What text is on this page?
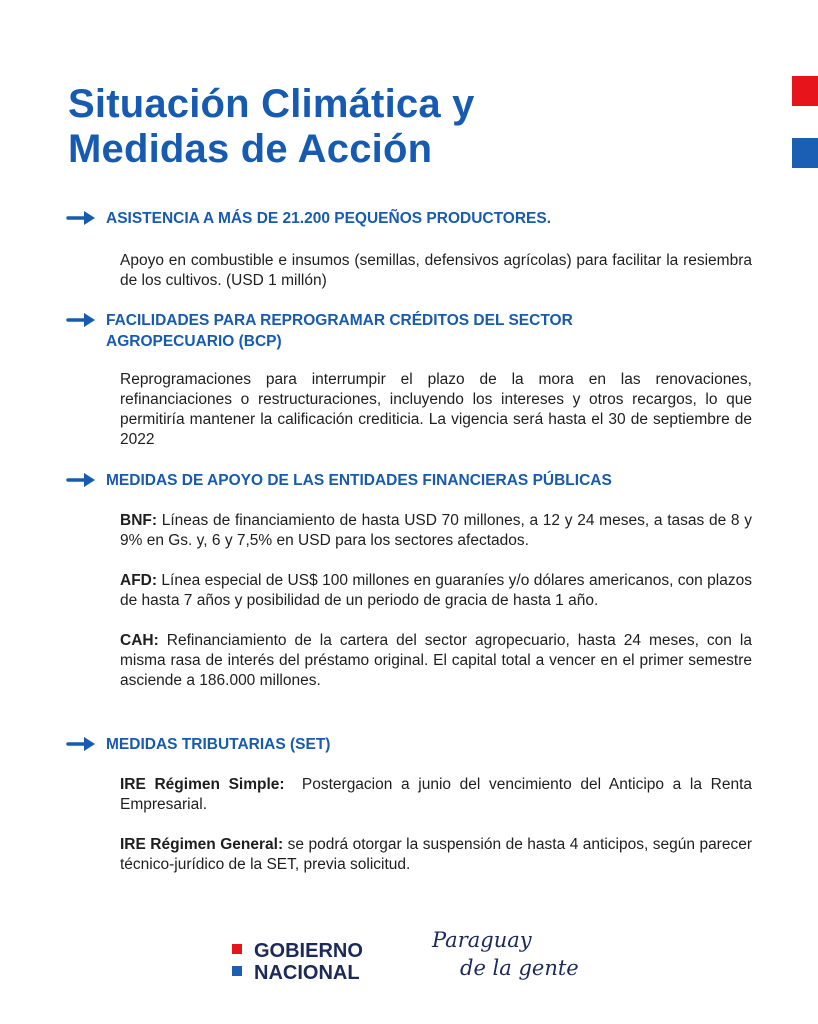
Situación Climática y
Medidas de Acción
ASISTENCIA A MÁS DE 21.200 PEQUEÑOS PRODUCTORES.
Apoyo en combustible e insumos (semillas, defensivos agrícolas) para facilitar la resiembra de los cultivos. (USD 1 millón)
FACILIDADES PARA REPROGRAMAR CRÉDITOS DEL SECTOR AGROPECUARIO (BCP)
Reprogramaciones para interrumpir el plazo de la mora en las renovaciones, refinanciaciones o restructuraciones, incluyendo los intereses y otros recargos, lo que permitiría mantener la calificación crediticia. La vigencia será hasta el 30 de septiembre de 2022
MEDIDAS DE APOYO DE LAS ENTIDADES FINANCIERAS PÚBLICAS
BNF: Líneas de financiamiento de hasta USD 70 millones, a 12 y 24 meses, a tasas de 8 y 9% en Gs. y, 6 y 7,5% en USD para los sectores afectados.
AFD: Línea especial de US$ 100 millones en guaraníes y/o dólares americanos, con plazos de hasta 7 años y posibilidad de un periodo de gracia de hasta 1 año.
CAH: Refinanciamiento de la cartera del sector agropecuario, hasta 24 meses, con la misma rasa de interés del préstamo original. El capital total a vencer en el primer semestre asciende a 186.000 millones.
MEDIDAS TRIBUTARIAS (SET)
IRE Régimen Simple:  Postergacion a junio del vencimiento del Anticipo a la Renta Empresarial.
IRE Régimen General: se podrá otorgar la suspensión de hasta 4 anticipos, según parecer técnico-jurídico de la SET, previa solicitud.
GOBIERNO
NACIONAL
Paraguay
de la gente
